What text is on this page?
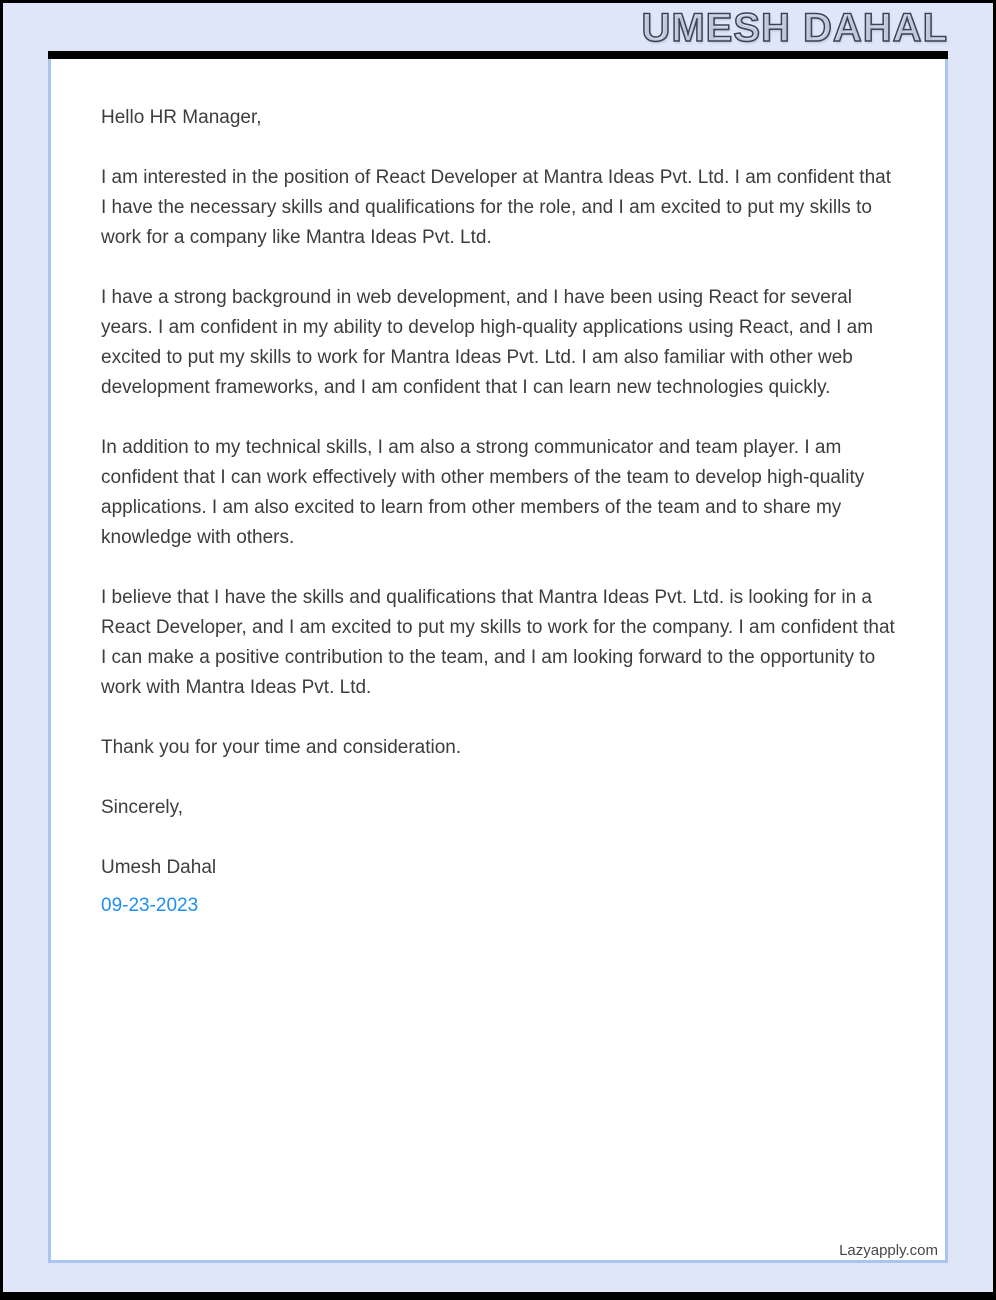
UMESH DAHAL

Hello HR Manager,

I am interested in the position of React Developer at Mantra Ideas Pvt. Ltd. I am confident that I have the necessary skills and qualifications for the role, and I am excited to put my skills to work for a company like Mantra Ideas Pvt. Ltd.

I have a strong background in web development, and I have been using React for several years. I am confident in my ability to develop high-quality applications using React, and I am excited to put my skills to work for Mantra Ideas Pvt. Ltd. I am also familiar with other web development frameworks, and I am confident that I can learn new technologies quickly.

In addition to my technical skills, I am also a strong communicator and team player. I am confident that I can work effectively with other members of the team to develop high-quality applications. I am also excited to learn from other members of the team and to share my knowledge with others.

I believe that I have the skills and qualifications that Mantra Ideas Pvt. Ltd. is looking for in a React Developer, and I am excited to put my skills to work for the company. I am confident that I can make a positive contribution to the team, and I am looking forward to the opportunity to work with Mantra Ideas Pvt. Ltd.

Thank you for your time and consideration.

Sincerely,

Umesh Dahal

09-23-2023

Lazyapply.com
